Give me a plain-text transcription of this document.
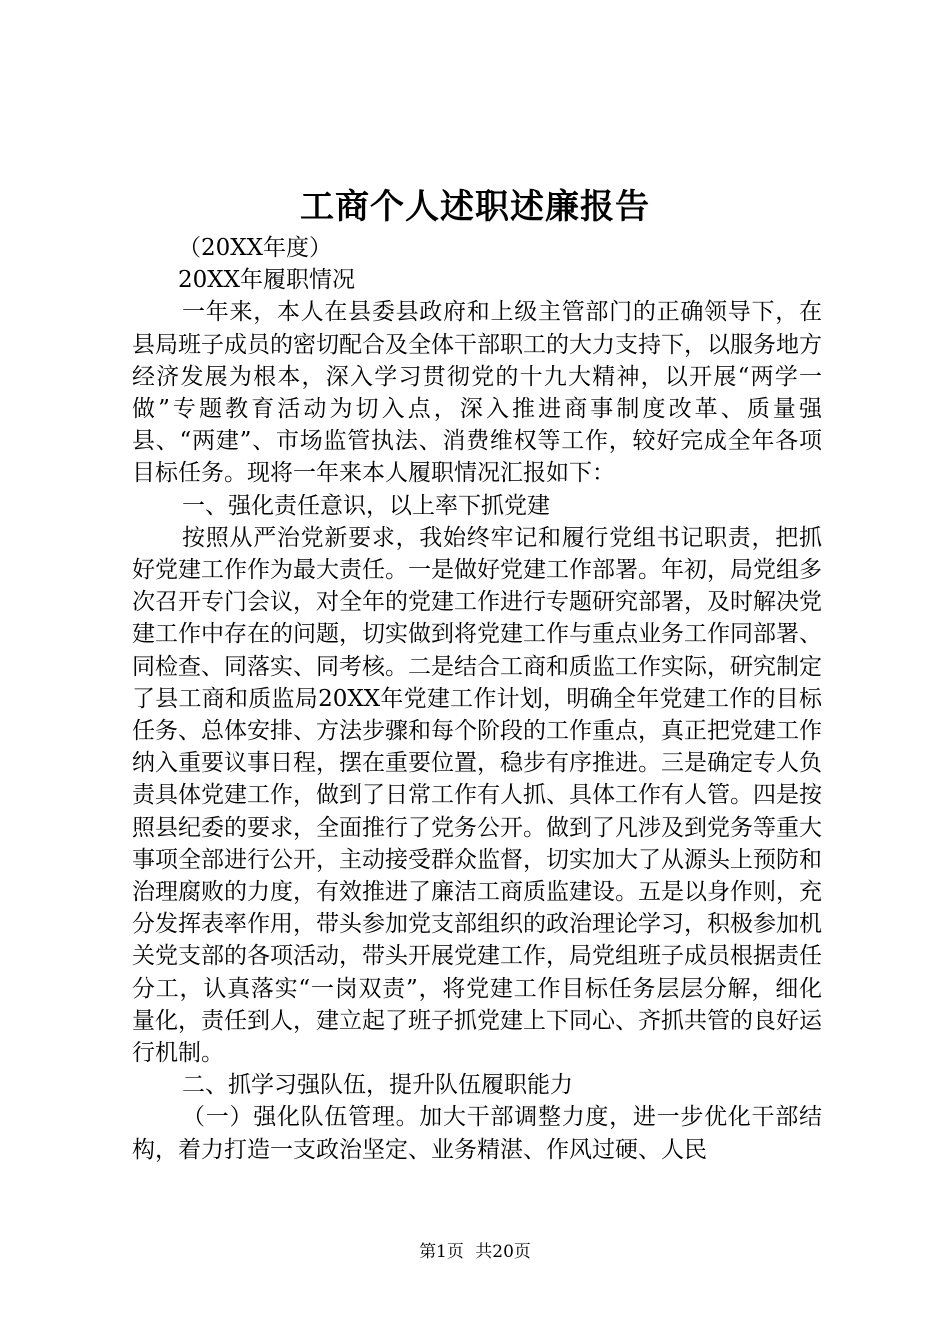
工商个人述职述廉报告

（20XX年度）

20XX年履职情况

一年来，本人在县委县政府和上级主管部门的正确领导下，在县局班子成员的密切配合及全体干部职工的大力支持下，以服务地方经济发展为根本，深入学习贯彻党的十九大精神，以开展“两学一做”专题教育活动为切入点，深入推进商事制度改革、质量强县、“两建”、市场监管执法、消费维权等工作，较好完成全年各项目标任务。现将一年来本人履职情况汇报如下：

一、强化责任意识，以上率下抓党建

按照从严治党新要求，我始终牢记和履行党组书记职责，把抓好党建工作作为最大责任。一是做好党建工作部署。年初，局党组多次召开专门会议，对全年的党建工作进行专题研究部署，及时解决党建工作中存在的问题，切实做到将党建工作与重点业务工作同部署、同检查、同落实、同考核。二是结合工商和质监工作实际，研究制定了县工商和质监局20XX年党建工作计划，明确全年党建工作的目标任务、总体安排、方法步骤和每个阶段的工作重点，真正把党建工作纳入重要议事日程，摆在重要位置，稳步有序推进。三是确定专人负责具体党建工作，做到了日常工作有人抓、具体工作有人管。四是按照县纪委的要求，全面推行了党务公开。做到了凡涉及到党务等重大事项全部进行公开，主动接受群众监督，切实加大了从源头上预防和治理腐败的力度，有效推进了廉洁工商质监建设。五是以身作则，充分发挥表率作用，带头参加党支部组织的政治理论学习，积极参加机关党支部的各项活动，带头开展党建工作，局党组班子成员根据责任分工，认真落实“一岗双责”，将党建工作目标任务层层分解，细化量化，责任到人，建立起了班子抓党建上下同心、齐抓共管的良好运行机制。

二、抓学习强队伍，提升队伍履职能力

（一）强化队伍管理。加大干部调整力度，进一步优化干部结构，着力打造一支政治坚定、业务精湛、作风过硬、人民

第1页 共20页
